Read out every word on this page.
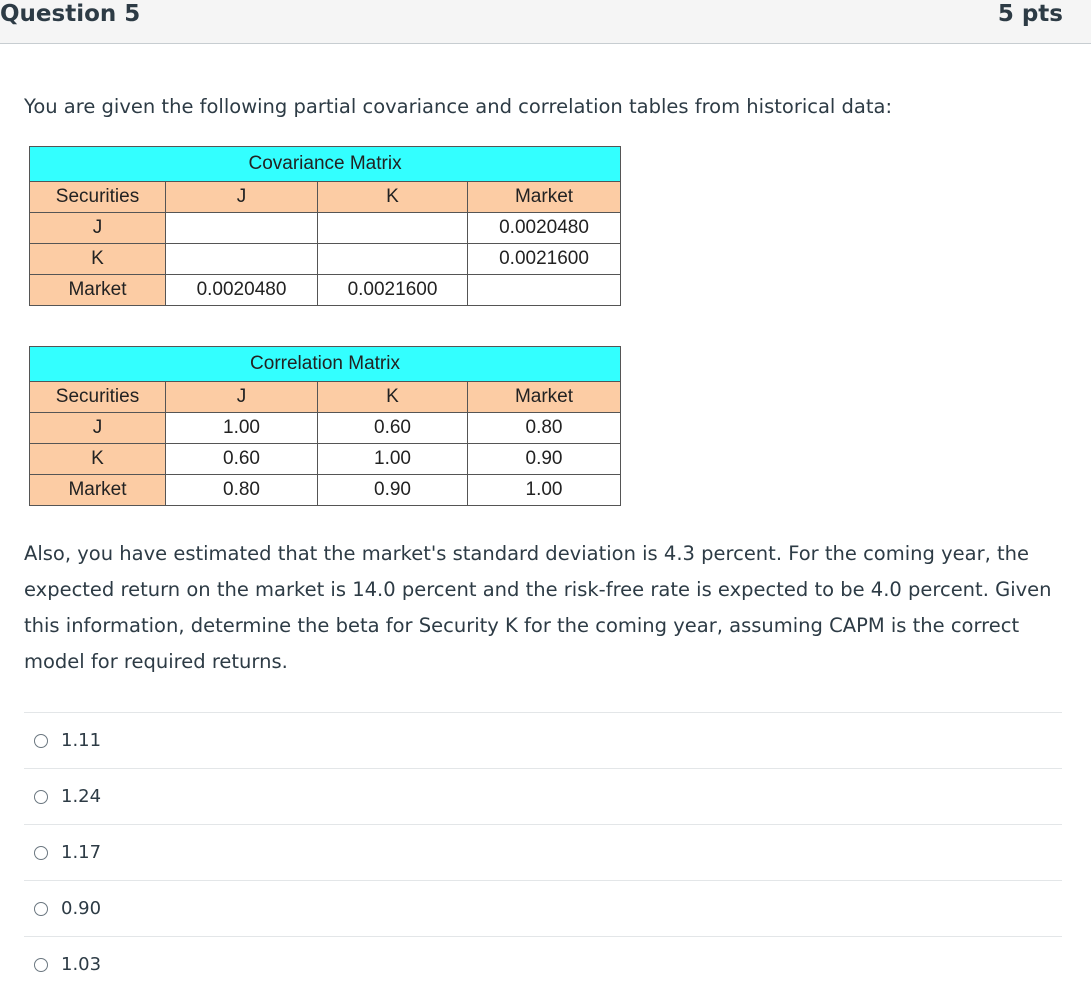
Question 5	5 pts
You are given the following partial covariance and correlation tables from historical data:
Covariance Matrix			
Securities	J	K	Market
J			0.0020480
K			0.0021600
Market	0.0020480	0.0021600	
Correlation Matrix			
Securities	J	K	Market
J	1.00	0.60	0.80
K	0.60	1.00	0.90
Market	0.80	0.90	1.00
Also, you have estimated that the market's standard deviation is 4.3 percent. For the coming year, the expected return on the market is 14.0 percent and the risk-free rate is expected to be 4.0 percent. Given this information, determine the beta for Security K for the coming year, assuming CAPM is the correct model for required returns.
1.11
1.24
1.17
0.90
1.03
